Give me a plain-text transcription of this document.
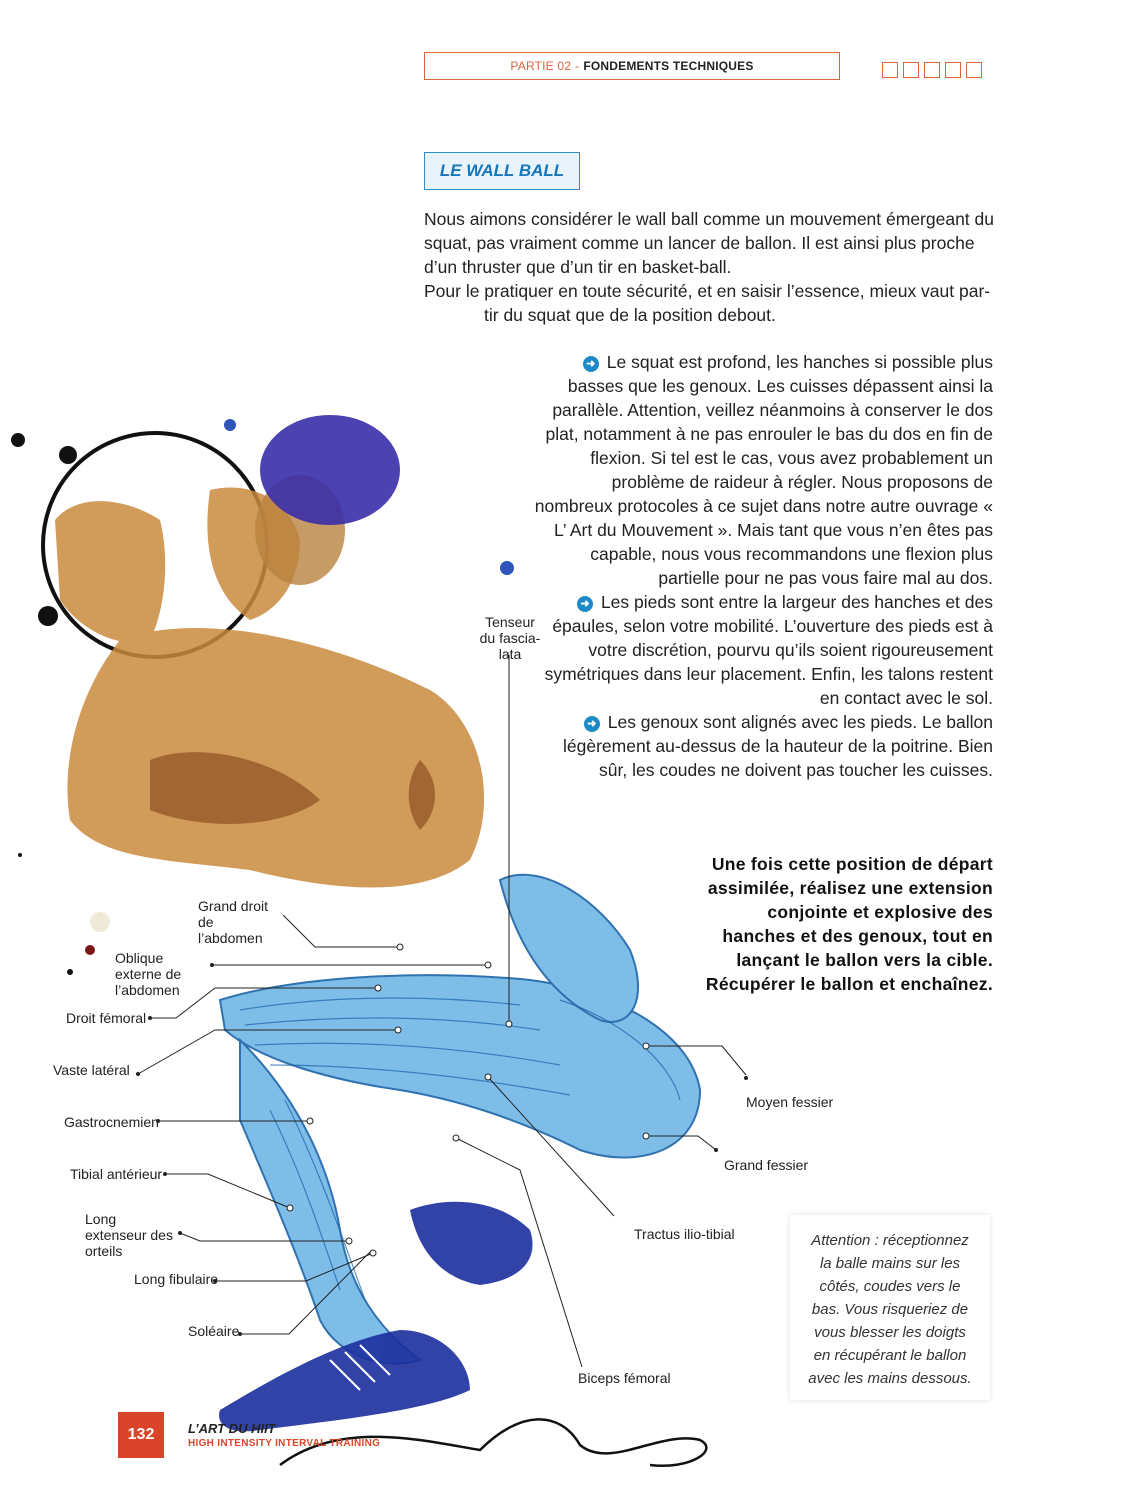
PARTIE 02 - FONDEMENTS TECHNIQUES
LE WALL BALL

Nous aimons considérer le wall ball comme un mouvement émergeant du squat, pas vraiment comme un lancer de ballon. Il est ainsi plus proche d’un thruster que d’un tir en basket-ball.

Pour le pratiquer en toute sécurité, et en saisir l’essence, mieux vaut par-

tir du squat que de la position debout.

Tenseur du fascia-lata
Grand droit de l’abdomen
Oblique externe de l’abdomen
Droit fémoral
Vaste latéral
Gastrocnemien
Tibial antérieur
Long extenseur des orteils
Long fibulaire
Soléaire
Moyen fessier
Grand fessier
Tractus ilio-tibial
Biceps fémoral

➜ Le squat est profond, les hanches si possible plus basses que les genoux. Les cuisses dépassent ainsi la parallèle. Attention, veillez néanmoins à conserver le dos plat, notamment à ne pas enrouler le bas du dos en fin de flexion. Si tel est le cas, vous avez probablement un problème de raideur à régler. Nous proposons de nombreux protocoles à ce sujet dans notre autre ouvrage « L’ Art du Mouvement ». Mais tant que vous n’en êtes pas capable, nous vous recommandons une flexion plus partielle pour ne pas vous faire mal au dos.

➜ Les pieds sont entre la largeur des hanches et des épaules, selon votre mobilité. L’ouverture des pieds est à votre discrétion, pourvu qu’ils soient rigoureusement symétriques dans leur placement. Enfin, les talons restent en contact avec le sol.

➜ Les genoux sont alignés avec les pieds. Le ballon légèrement au-dessus de la hauteur de la poitrine. Bien sûr, les coudes ne doivent pas toucher les cuisses.

Une fois cette position de départ assimilée, réalisez une extension conjointe et explosive des hanches et des genoux, tout en lançant le ballon vers la cible. Récupérer le ballon et enchaînez.
Attention : réceptionnez la balle mains sur les côtés, coudes vers le bas. Vous risqueriez de vous blesser les doigts en récupérant le ballon avec les mains dessous.
132	L’ART DU HIIT
HIGH INTENSITY INTERVAL TRAINING
